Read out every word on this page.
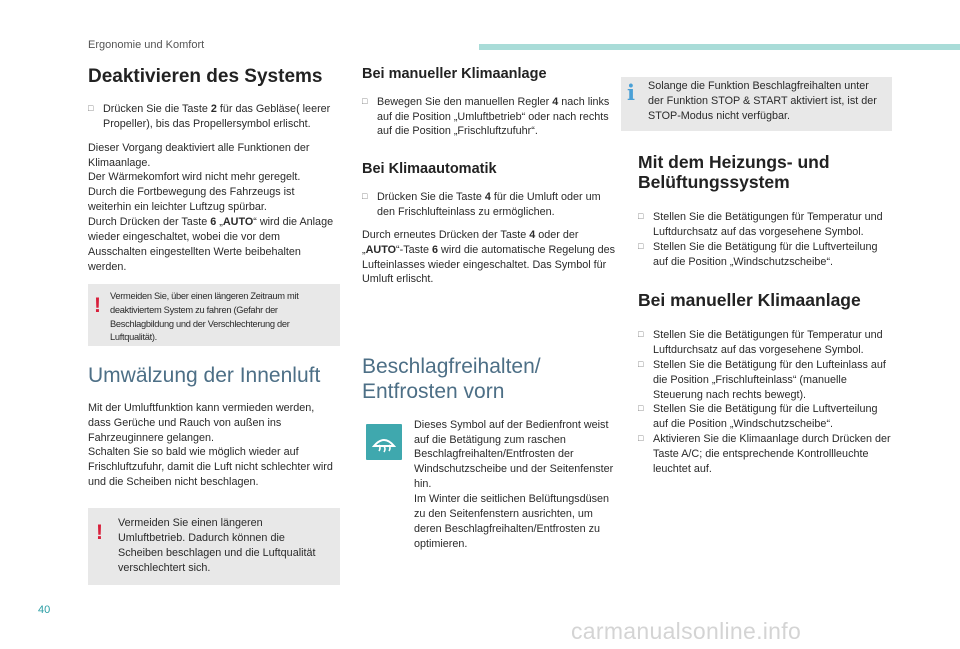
Ergonomie und Komfort
Deaktivieren des Systems
□ Drücken Sie die Taste 2 für das Gebläse( leerer Propeller), bis das Propellersymbol erlischt.

Dieser Vorgang deaktiviert alle Funktionen der Klimaanlage.

Der Wärmekomfort wird nicht mehr geregelt.

Durch die Fortbewegung des Fahrzeugs ist weiterhin ein leichter Luftzug spürbar.

Durch Drücken der Taste 6 „AUTO“ wird die Anlage wieder eingeschaltet, wobei die vor dem Ausschalten eingestellten Werte beibehalten werden.

! Vermeiden Sie, über einen längeren Zeitraum mit deaktiviertem System zu fahren (Gefahr der Beschlagbildung und der Verschlechterung der Luftqualität).
Umwälzung der Innenluft

Mit der Umluftfunktion kann vermieden werden, dass Gerüche und Rauch von außen ins Fahrzeuginnere gelangen.

Schalten Sie so bald wie möglich wieder auf Frischluftzufuhr, damit die Luft nicht schlechter wird und die Scheiben nicht beschlagen.

! Vermeiden Sie einen längeren Umluftbetrieb. Dadurch können die Scheiben beschlagen und die Luftqualität verschlechtert sich.

Bei manueller Klimaanlage
□ Bewegen Sie den manuellen Regler 4 nach links auf die Position „Umluftbetrieb“ oder nach rechts auf die Position „Frischluftzufuhr“.
Bei Klimaautomatik
□ Drücken Sie die Taste 4 für die Umluft oder um den Frischlufteinlass zu ermöglichen.

Durch erneutes Drücken der Taste 4 oder der „AUTO“-Taste 6 wird die automatische Regelung des Lufteinlasses wieder eingeschaltet. Das Symbol für Umluft erlischt.

Beschlagfreihalten/ Entfrosten vorn

Dieses Symbol auf der Bedienfront weist auf die Betätigung zum raschen Beschlagfreihalten/Entfrosten der Windschutzscheibe und der Seitenfenster hin.

Im Winter die seitlichen Belüftungsdüsen zu den Seitenfenstern ausrichten, um deren Beschlagfreihalten/Entfrosten zu optimieren.

i Solange die Funktion Beschlagfreihalten unter der Funktion STOP & START aktiviert ist, ist der STOP-Modus nicht verfügbar.

Mit dem Heizungs- und Belüftungssystem
□ Stellen Sie die Betätigungen für Temperatur und Luftdurchsatz auf das vorgesehene Symbol.
□ Stellen Sie die Betätigung für die Luftverteilung auf die Position „Windschutzscheibe“.
Bei manueller Klimaanlage
□ Stellen Sie die Betätigungen für Temperatur und Luftdurchsatz auf das vorgesehene Symbol.
□ Stellen Sie die Betätigung für den Lufteinlass auf die Position „Frischlufteinlass“ (manuelle Steuerung nach rechts bewegt).
□ Stellen Sie die Betätigung für die Luftverteilung auf die Position „Windschutzscheibe“.
□ Aktivieren Sie die Klimaanlage durch Drücken der Taste A/C; die entsprechende Kontrollleuchte leuchtet auf.
40
carmanualsonline.info
